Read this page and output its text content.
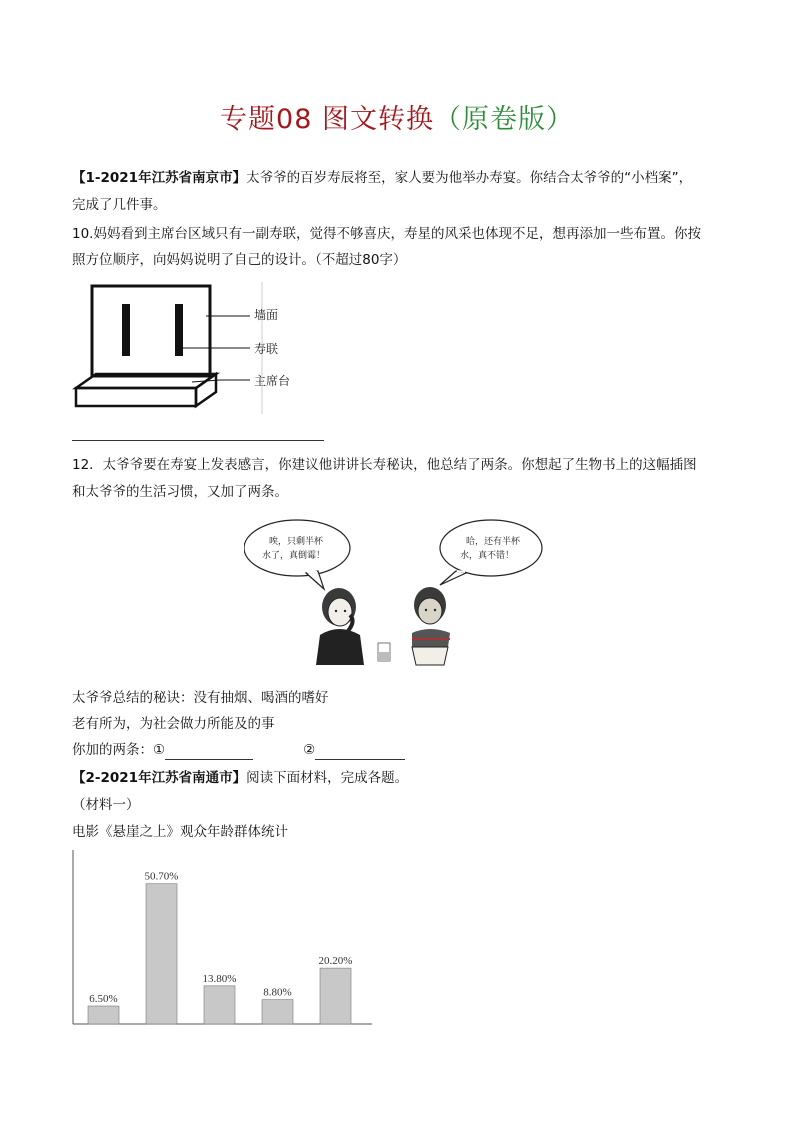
专题08 图文转换（原卷版）
【1-2021年江苏省南京市】太爷爷的百岁寿辰将至，家人要为他举办寿宴。你结合太爷爷的“小档案”，
完成了几件事。
10.妈妈看到主席台区域只有一副寿联，觉得不够喜庆，寿星的风采也体现不足，想再添加一些布置。你按
照方位顺序，向妈妈说明了自己的设计。（不超过80字）
墙面
寿联
主席台
12．太爷爷要在寿宴上发表感言，你建议他讲讲长寿秘诀，他总结了两条。你想起了生物书上的这幅插图
和太爷爷的生活习惯，又加了两条。
唉，只剩半杯
水了，真倒霉！
哈，还有半杯
水，真不错！
太爷爷总结的秘诀：没有抽烟、喝酒的嗜好
老有所为，为社会做力所能及的事
你加的两条：①	②
【2-2021年江苏省南通市】阅读下面材料，完成各题。
（材料一）
电影《悬崖之上》观众年龄群体统计
6.50%
50.70%
13.80%
8.80%
20.20%
